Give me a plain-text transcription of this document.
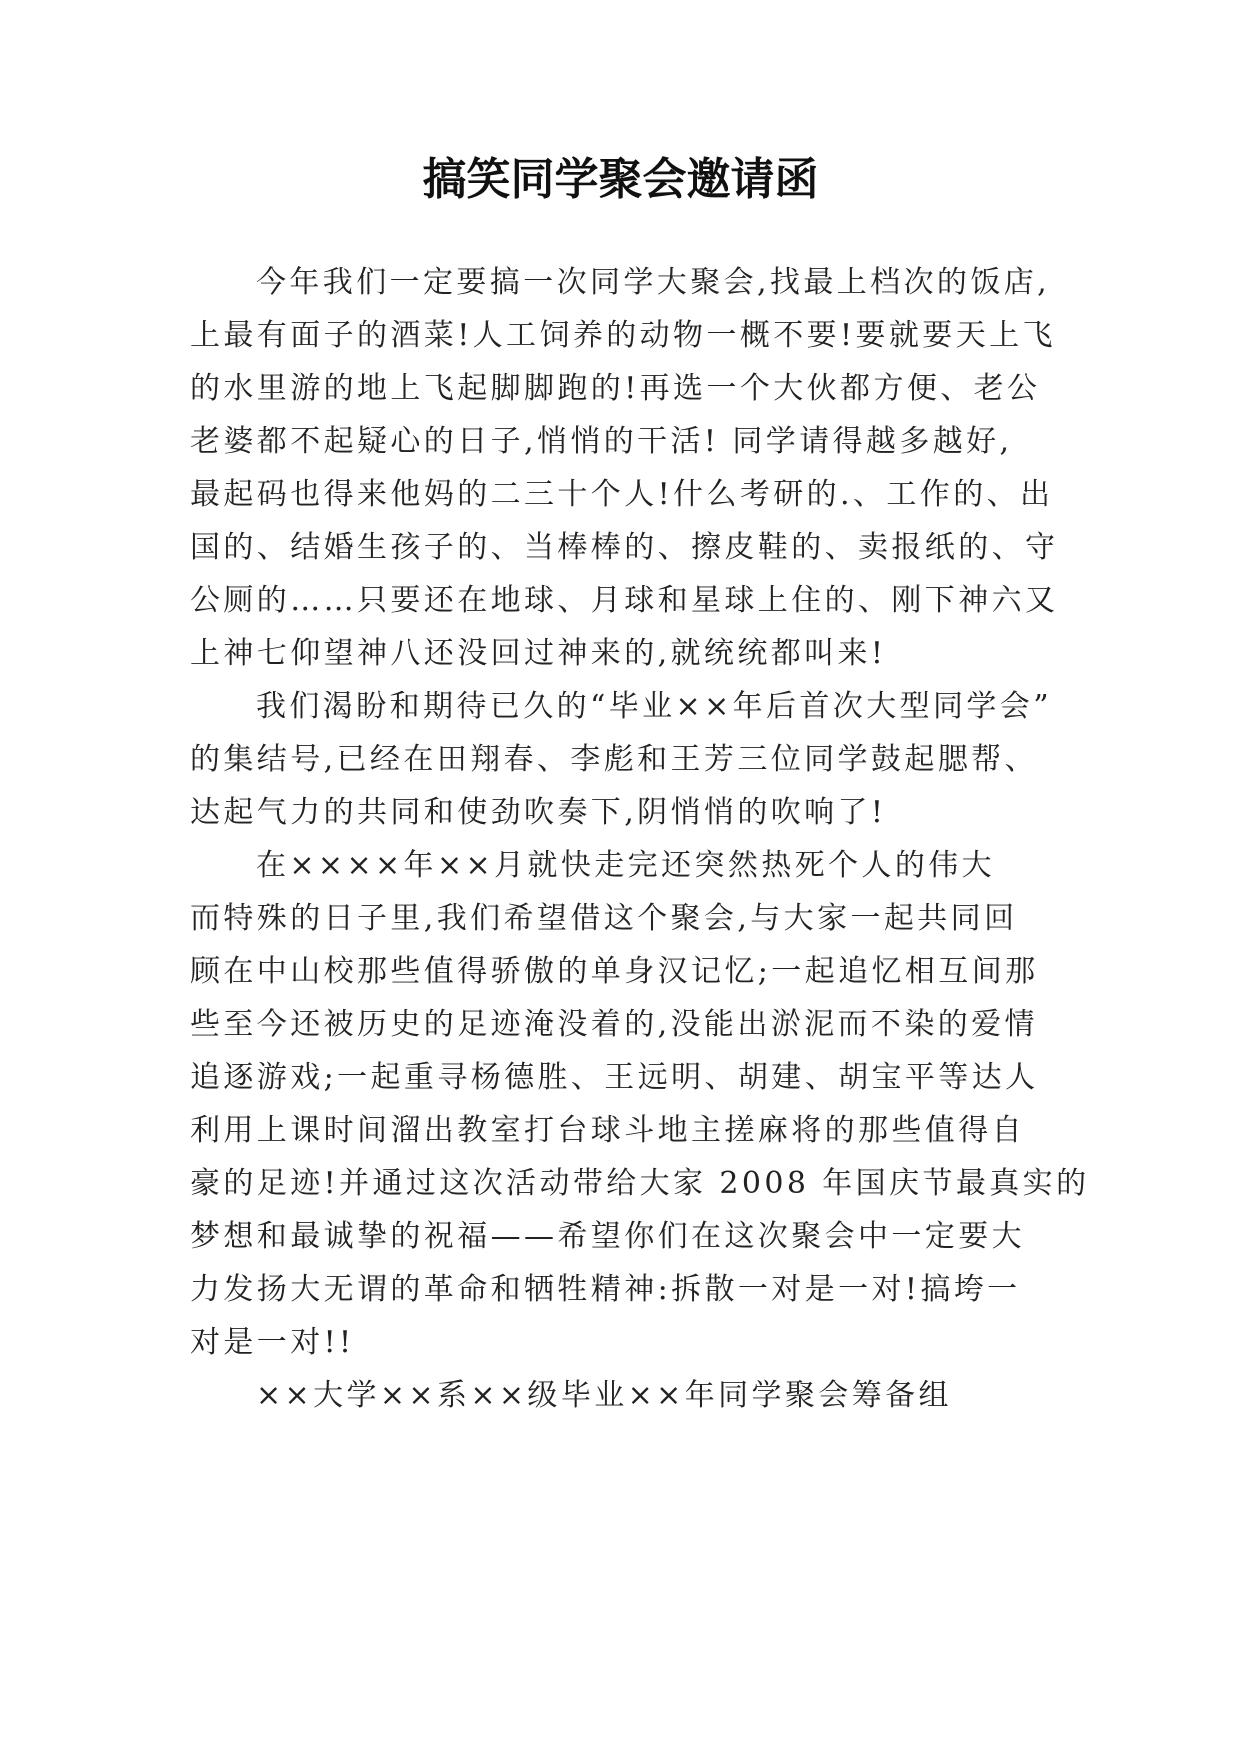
搞笑同学聚会邀请函

今年我们一定要搞一次同学大聚会,找最上档次的饭店,

上最有面子的酒菜!人工饲养的动物一概不要!要就要天上飞

的水里游的地上飞起脚脚跑的!再选一个大伙都方便、老公

老婆都不起疑心的日子,悄悄的干活! 同学请得越多越好,

最起码也得来他妈的二三十个人!什么考研的.、工作的、出

国的、结婚生孩子的、当棒棒的、擦皮鞋的、卖报纸的、守

公厕的……只要还在地球、月球和星球上住的、刚下神六又

上神七仰望神八还没回过神来的,就统统都叫来!

我们渴盼和期待已久的“毕业××年后首次大型同学会”

的集结号,已经在田翔春、李彪和王芳三位同学鼓起腮帮、

达起气力的共同和使劲吹奏下,阴悄悄的吹响了!

在××××年××月就快走完还突然热死个人的伟大

而特殊的日子里,我们希望借这个聚会,与大家一起共同回

顾在中山校那些值得骄傲的单身汉记忆;一起追忆相互间那

些至今还被历史的足迹淹没着的,没能出淤泥而不染的爱情

追逐游戏;一起重寻杨德胜、王远明、胡建、胡宝平等达人

利用上课时间溜出教室打台球斗地主搓麻将的那些值得自

豪的足迹!并通过这次活动带给大家 2008 年国庆节最真实的

梦想和最诚挚的祝福——希望你们在这次聚会中一定要大

力发扬大无谓的革命和牺牲精神:拆散一对是一对!搞垮一

对是一对!!

××大学××系××级毕业××年同学聚会筹备组
